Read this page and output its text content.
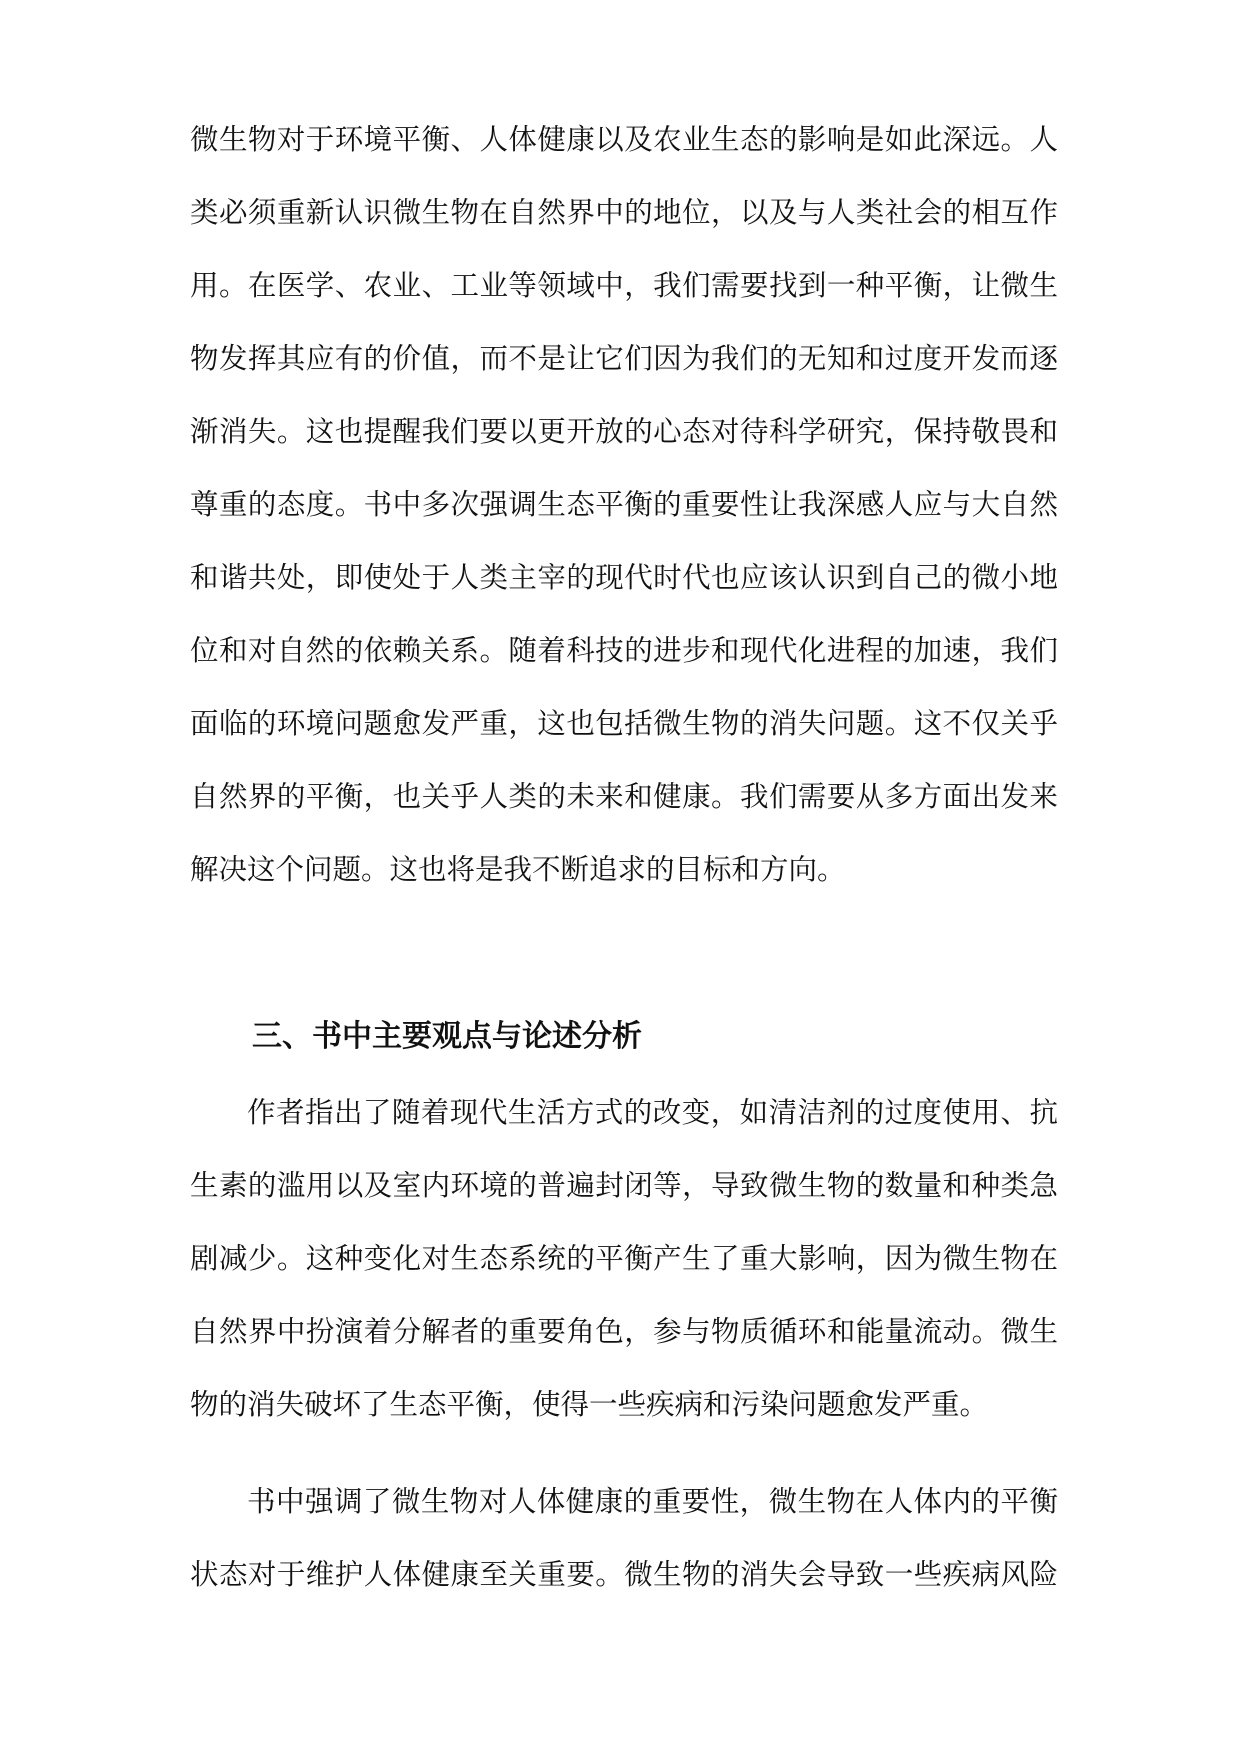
微生物对于环境平衡、人体健康以及农业生态的影响是如此深远。人
类必须重新认识微生物在自然界中的地位，以及与人类社会的相互作
用。在医学、农业、工业等领域中，我们需要找到一种平衡，让微生
物发挥其应有的价值，而不是让它们因为我们的无知和过度开发而逐
渐消失。这也提醒我们要以更开放的心态对待科学研究，保持敬畏和
尊重的态度。书中多次强调生态平衡的重要性让我深感人应与大自然
和谐共处，即使处于人类主宰的现代时代也应该认识到自己的微小地
位和对自然的依赖关系。随着科技的进步和现代化进程的加速，我们
面临的环境问题愈发严重，这也包括微生物的消失问题。这不仅关乎
自然界的平衡，也关乎人类的未来和健康。我们需要从多方面出发来
解决这个问题。这也将是我不断追求的目标和方向。
三、书中主要观点与论述分析
作者指出了随着现代生活方式的改变，如清洁剂的过度使用、抗
生素的滥用以及室内环境的普遍封闭等，导致微生物的数量和种类急
剧减少。这种变化对生态系统的平衡产生了重大影响，因为微生物在
自然界中扮演着分解者的重要角色，参与物质循环和能量流动。微生
物的消失破坏了生态平衡，使得一些疾病和污染问题愈发严重。
书中强调了微生物对人体健康的重要性，微生物在人体内的平衡
状态对于维护人体健康至关重要。微生物的消失会导致一些疾病风险
